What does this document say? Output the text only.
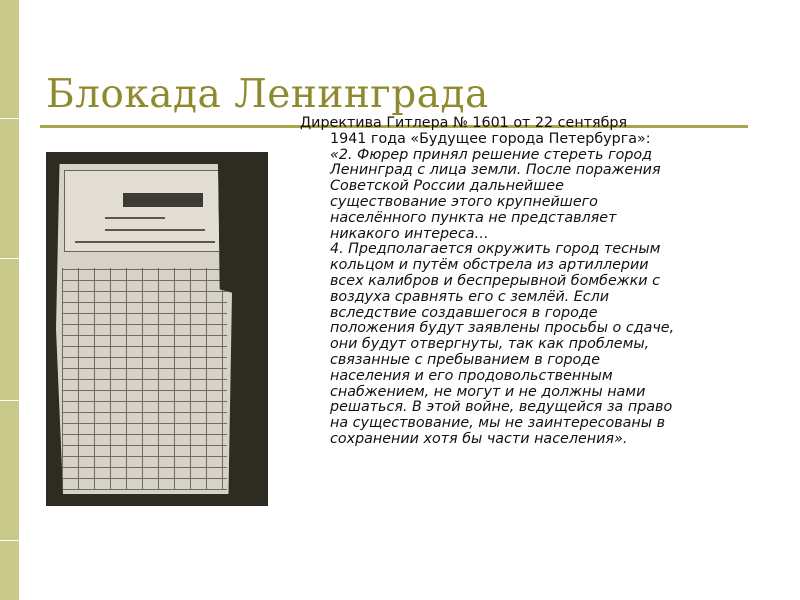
Блокада Ленинграда
Директива Гитлера № 1601 от 22 сентября
1941 года «Будущее города Петербурга»:
«2. Фюрер принял решение стереть город
Ленинград с лица земли. После поражения
Советской России дальнейшее
существование этого крупнейшего
населённого пункта не представляет
никакого интереса…
4. Предполагается окружить город тесным
кольцом и путём обстрела из артиллерии
всех калибров и беспрерывной бомбежки с
воздуха сравнять его с землёй. Если
вследствие создавшегося в городе
положения будут заявлены просьбы о сдаче,
они будут отвергнуты, так как проблемы,
связанные с пребыванием в городе
населения и его продовольственным
снабжением, не могут и не должны нами
решаться. В этой войне, ведущейся за право
на существование, мы не заинтересованы в
сохранении хотя бы части населения».
